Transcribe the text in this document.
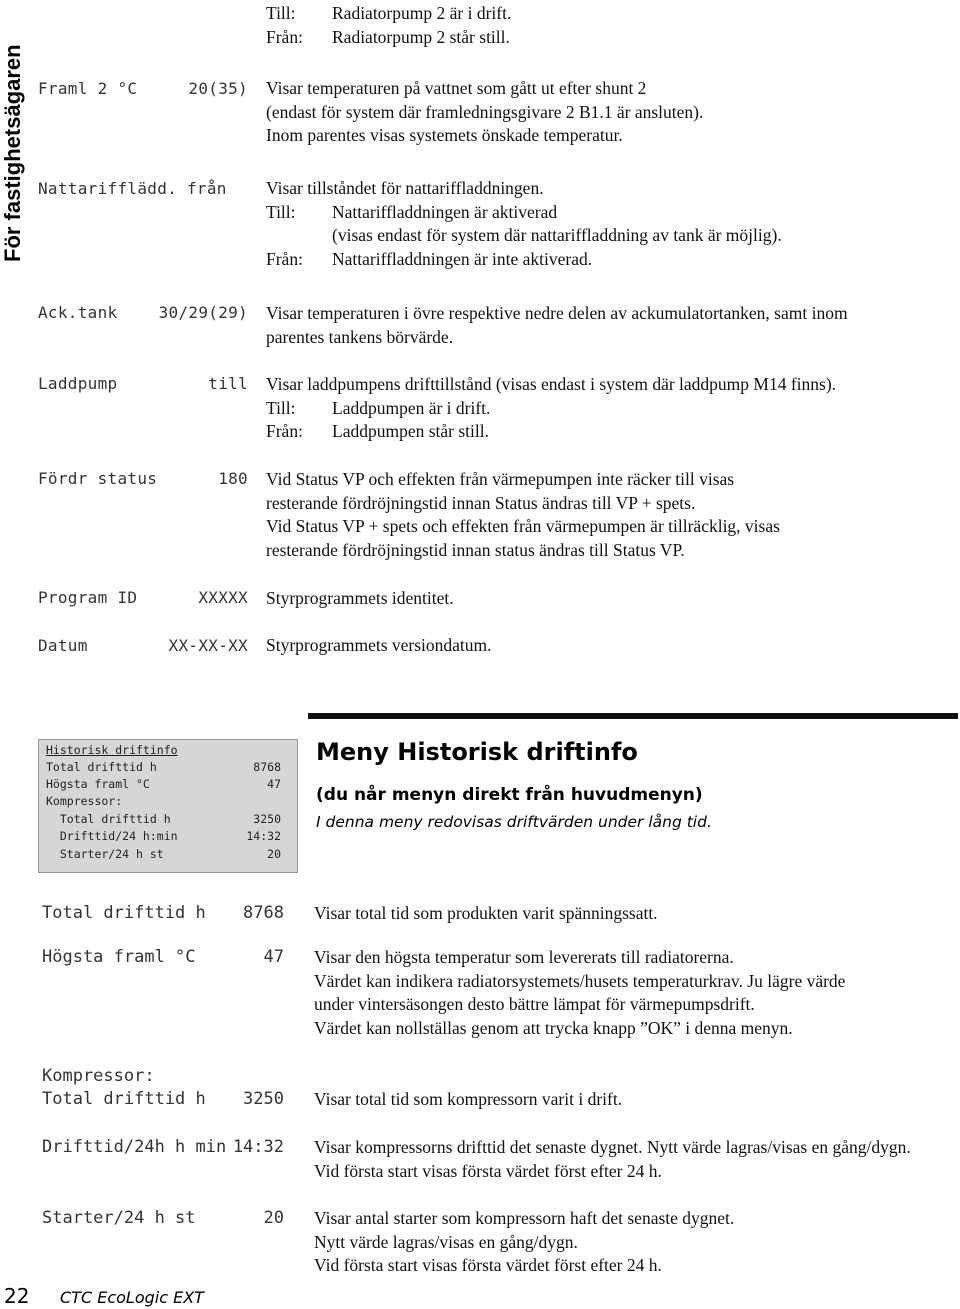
För fastighetsägaren
Till: Radiatorpump 2 är i drift.
Från: Radiatorpump 2 står still.
Framl 2 °C	20(35) Visar temperaturen på vattnet som gått ut efter shunt 2
(endast för system där framledningsgivare 2 B1.1 är ansluten).
Inom parentes visas systemets önskade temperatur.
Nattarifflädd. från Visar tillståndet för nattariffladdningen.
Till: Nattariffladdningen är aktiverad
(visas endast för system där nattariffladdning av tank är möjlig).
Från: Nattariffladdningen är inte aktiverad.
Ack.tank	30/29(29) Visar temperaturen i övre respektive nedre delen av ackumulatortanken, samt inom
parentes tankens börvärde.
Laddpump	till Visar laddpumpens drifttillstånd (visas endast i system där laddpump M14 finns).
Till: Laddpumpen är i drift.
Från: Laddpumpen står still.
Fördr status	180 Vid Status VP och effekten från värmepumpen inte räcker till visas
resterande fördröjningstid innan Status ändras till VP + spets.
Vid Status VP + spets och effekten från värmepumpen är tillräcklig, visas
resterande fördröjningstid innan status ändras till Status VP.
Program ID	XXXXX Styrprogrammets identitet.
Datum	XX-XX-XX Styrprogrammets versiondatum.
Historisk driftinfo
Total drifttid h	8768
Högsta framl °C	47
Kompressor:
Total drifttid h	3250
Drifttid/24 h:min	14:32
Starter/24 h st	20
Meny Historisk driftinfo
(du når menyn direkt från huvudmenyn)
I denna meny redovisas driftvärden under lång tid.
Total drifttid h	8768 Visar total tid som produkten varit spänningssatt.
Högsta framl °C	47 Visar den högsta temperatur som levererats till radiatorerna.
Värdet kan indikera radiatorsystemets/husets temperaturkrav. Ju lägre värde
under vintersäsongen desto bättre lämpat för värmepumpsdrift.
Värdet kan nollställas genom att trycka knapp ”OK” i denna menyn.
Kompressor:
Total drifttid h	3250 Visar total tid som kompressorn varit i drift.
Drifttid/24h h min 14:32 Visar kompressorns drifttid det senaste dygnet. Nytt värde lagras/visas en gång/dygn.
Vid första start visas första värdet först efter 24 h.
Starter/24 h st	20 Visar antal starter som kompressorn haft det senaste dygnet.
Nytt värde lagras/visas en gång/dygn.
Vid första start visas första värdet först efter 24 h.
22 CTC EcoLogic EXT
